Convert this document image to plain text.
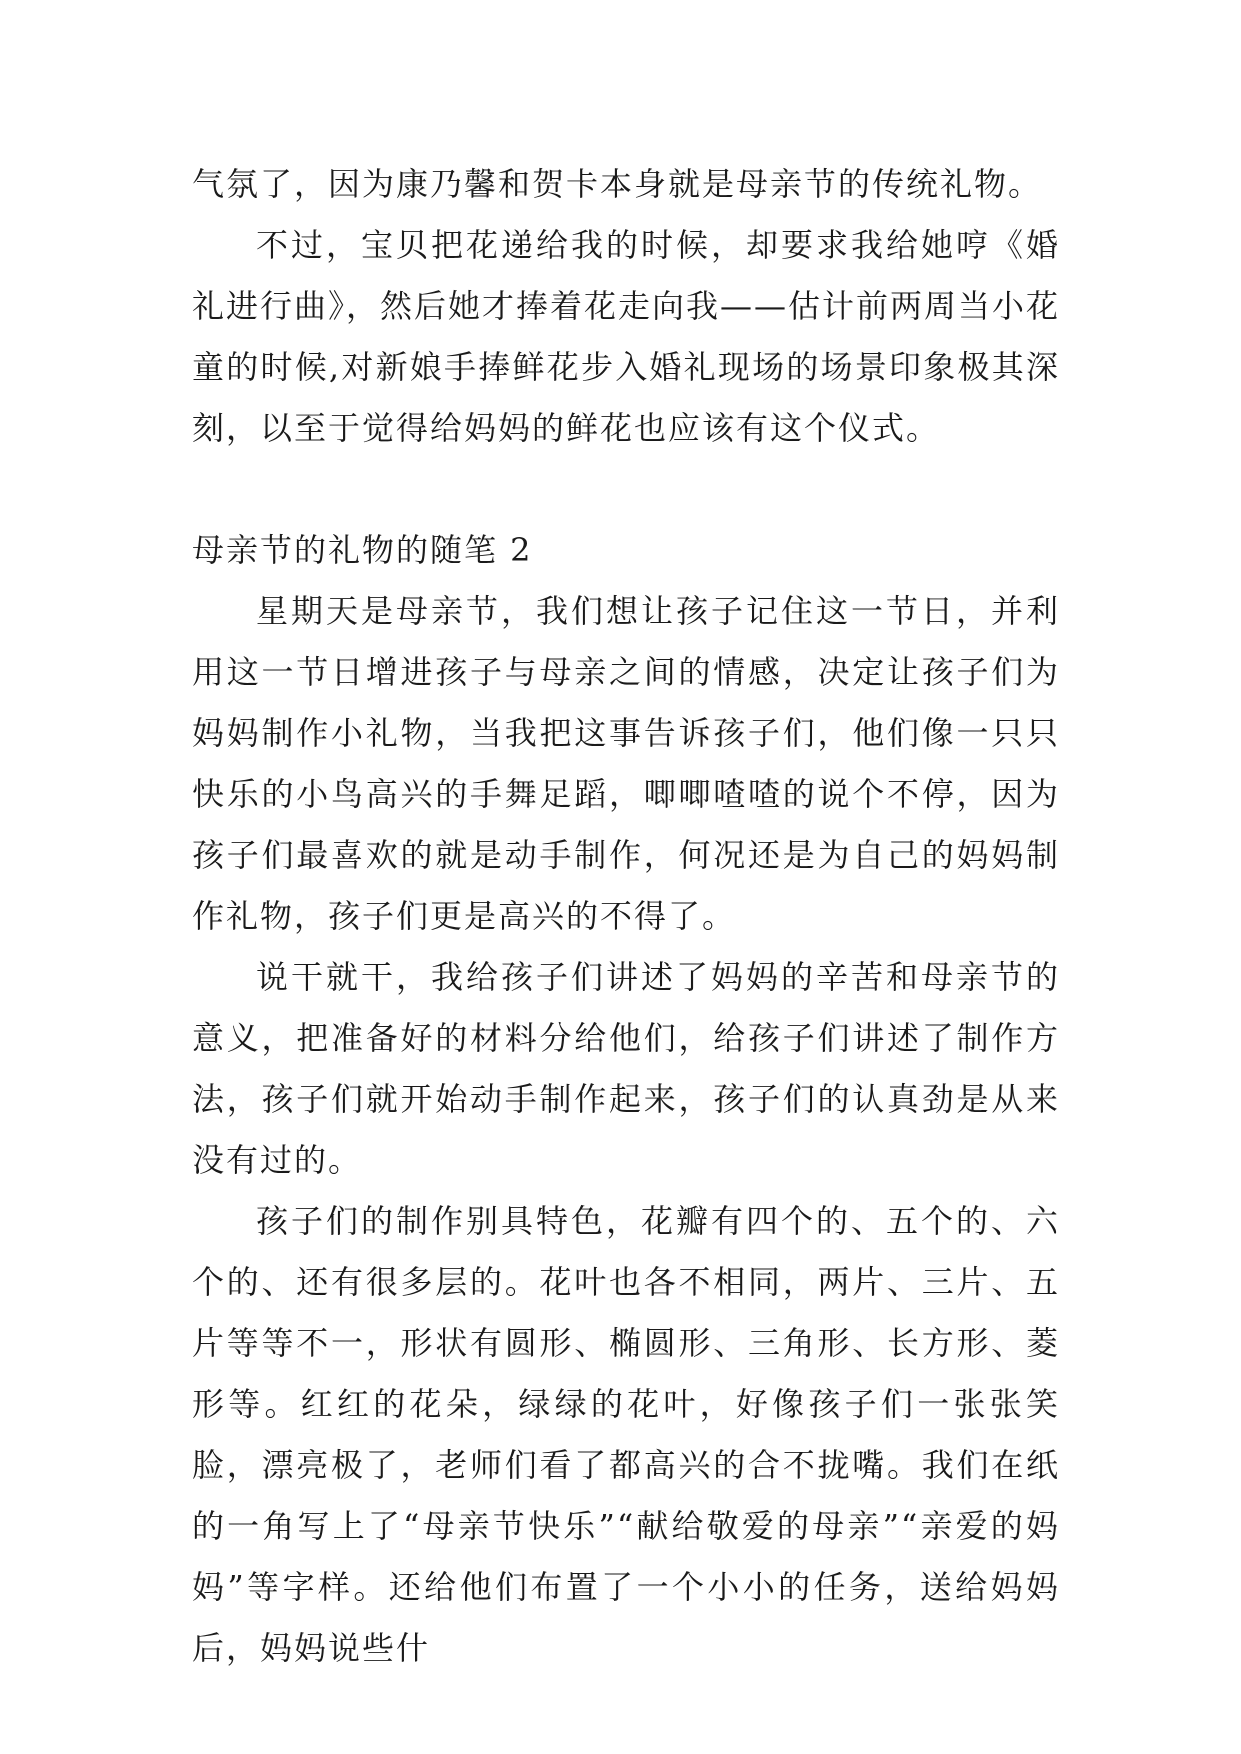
气氛了，因为康乃馨和贺卡本身就是母亲节的传统礼物。

不过，宝贝把花递给我的时候，却要求我给她哼《婚礼进行曲》，然后她才捧着花走向我——估计前两周当小花童的时候,对新娘手捧鲜花步入婚礼现场的场景印象极其深刻，以至于觉得给妈妈的鲜花也应该有这个仪式。

母亲节的礼物的随笔 2

星期天是母亲节，我们想让孩子记住这一节日，并利用这一节日增进孩子与母亲之间的情感，决定让孩子们为妈妈制作小礼物，当我把这事告诉孩子们，他们像一只只快乐的小鸟高兴的手舞足蹈，唧唧喳喳的说个不停，因为孩子们最喜欢的就是动手制作，何况还是为自己的妈妈制作礼物，孩子们更是高兴的不得了。

说干就干，我给孩子们讲述了妈妈的辛苦和母亲节的意义，把准备好的材料分给他们，给孩子们讲述了制作方法，孩子们就开始动手制作起来，孩子们的认真劲是从来没有过的。

孩子们的制作别具特色，花瓣有四个的、五个的、六个的、还有很多层的。花叶也各不相同，两片、三片、五片等等不一，形状有圆形、椭圆形、三角形、长方形、菱形等。红红的花朵，绿绿的花叶，好像孩子们一张张笑脸，漂亮极了，老师们看了都高兴的合不拢嘴。我们在纸的一角写上了“母亲节快乐”“献给敬爱的母亲”“亲爱的妈妈”等字样。还给他们布置了一个小小的任务，送给妈妈后，妈妈说些什
